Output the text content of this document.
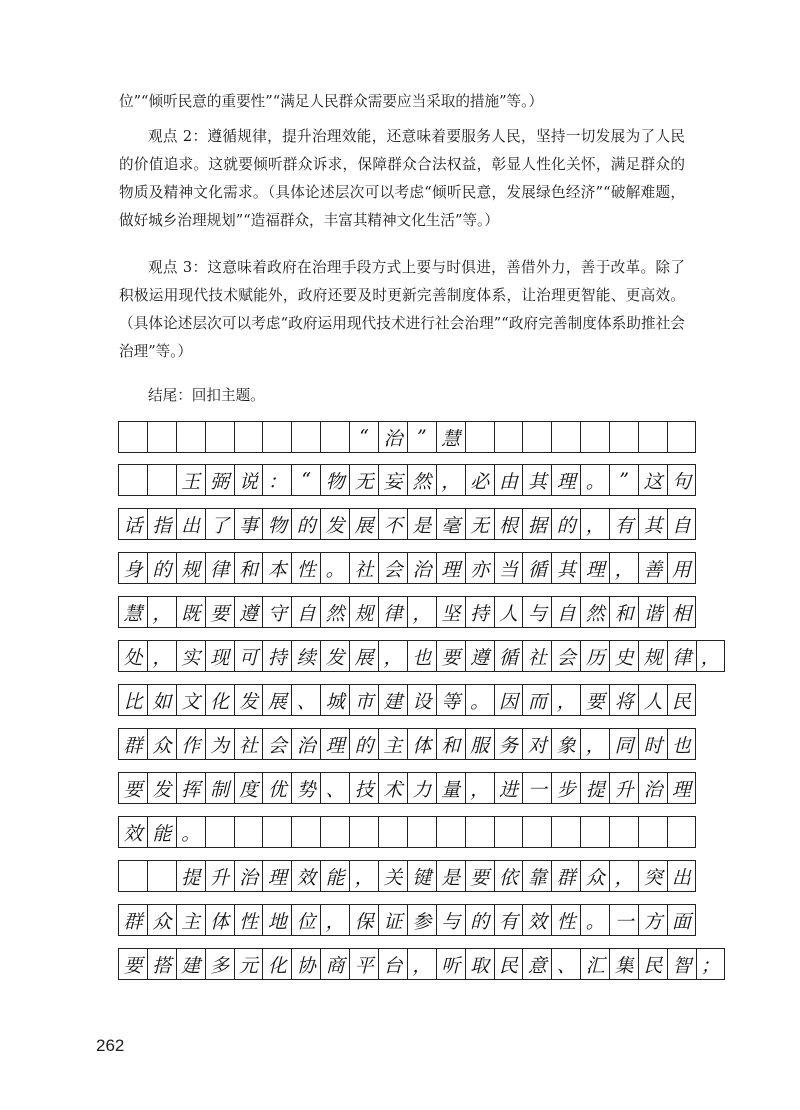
位”“倾听民意的重要性”“满足人民群众需要应当采取的措施”等。）

观点 2：遵循规律，提升治理效能，还意味着要服务人民，坚持一切发展为了人民的价值追求。这就要倾听群众诉求，保障群众合法权益，彰显人性化关怀，满足群众的物质及精神文化需求。（具体论述层次可以考虑“倾听民意，发展绿色经济”“破解难题，做好城乡治理规划”“造福群众，丰富其精神文化生活”等。）

观点 3：这意味着政府在治理手段方式上要与时俱进，善借外力，善于改革。除了积极运用现代技术赋能外，政府还要及时更新完善制度体系，让治理更智能、更高效。（具体论述层次可以考虑“政府运用现代技术进行社会治理”“政府完善制度体系助推社会治理”等。）

结尾：回扣主题。

“ 治 ” 慧
王 弼 说 ： “ 物 无 妄 然 ， 必 由 其 理 。 ” 这 句
话 指 出 了 事 物 的 发 展 不 是 毫 无 根 据 的 ， 有 其 自
身 的 规 律 和 本 性 。 社 会 治 理 亦 当 循 其 理 ， 善 用
慧 ， 既 要 遵 守 自 然 规 律 ， 坚 持 人 与 自 然 和 谐 相
处 ， 实 现 可 持 续 发 展 ， 也 要 遵 循 社 会 历 史 规 律 ，
比 如 文 化 发 展 、 城 市 建 设 等 。 因 而 ， 要 将 人 民
群 众 作 为 社 会 治 理 的 主 体 和 服 务 对 象 ， 同 时 也
要 发 挥 制 度 优 势 、 技 术 力 量 ， 进 一 步 提 升 治 理
效 能 。
提 升 治 理 效 能 ， 关 键 是 要 依 靠 群 众 ， 突 出
群 众 主 体 性 地 位 ， 保 证 参 与 的 有 效 性 。 一 方 面
要 搭 建 多 元 化 协 商 平 台 ， 听 取 民 意 、 汇 集 民 智 ；
262
